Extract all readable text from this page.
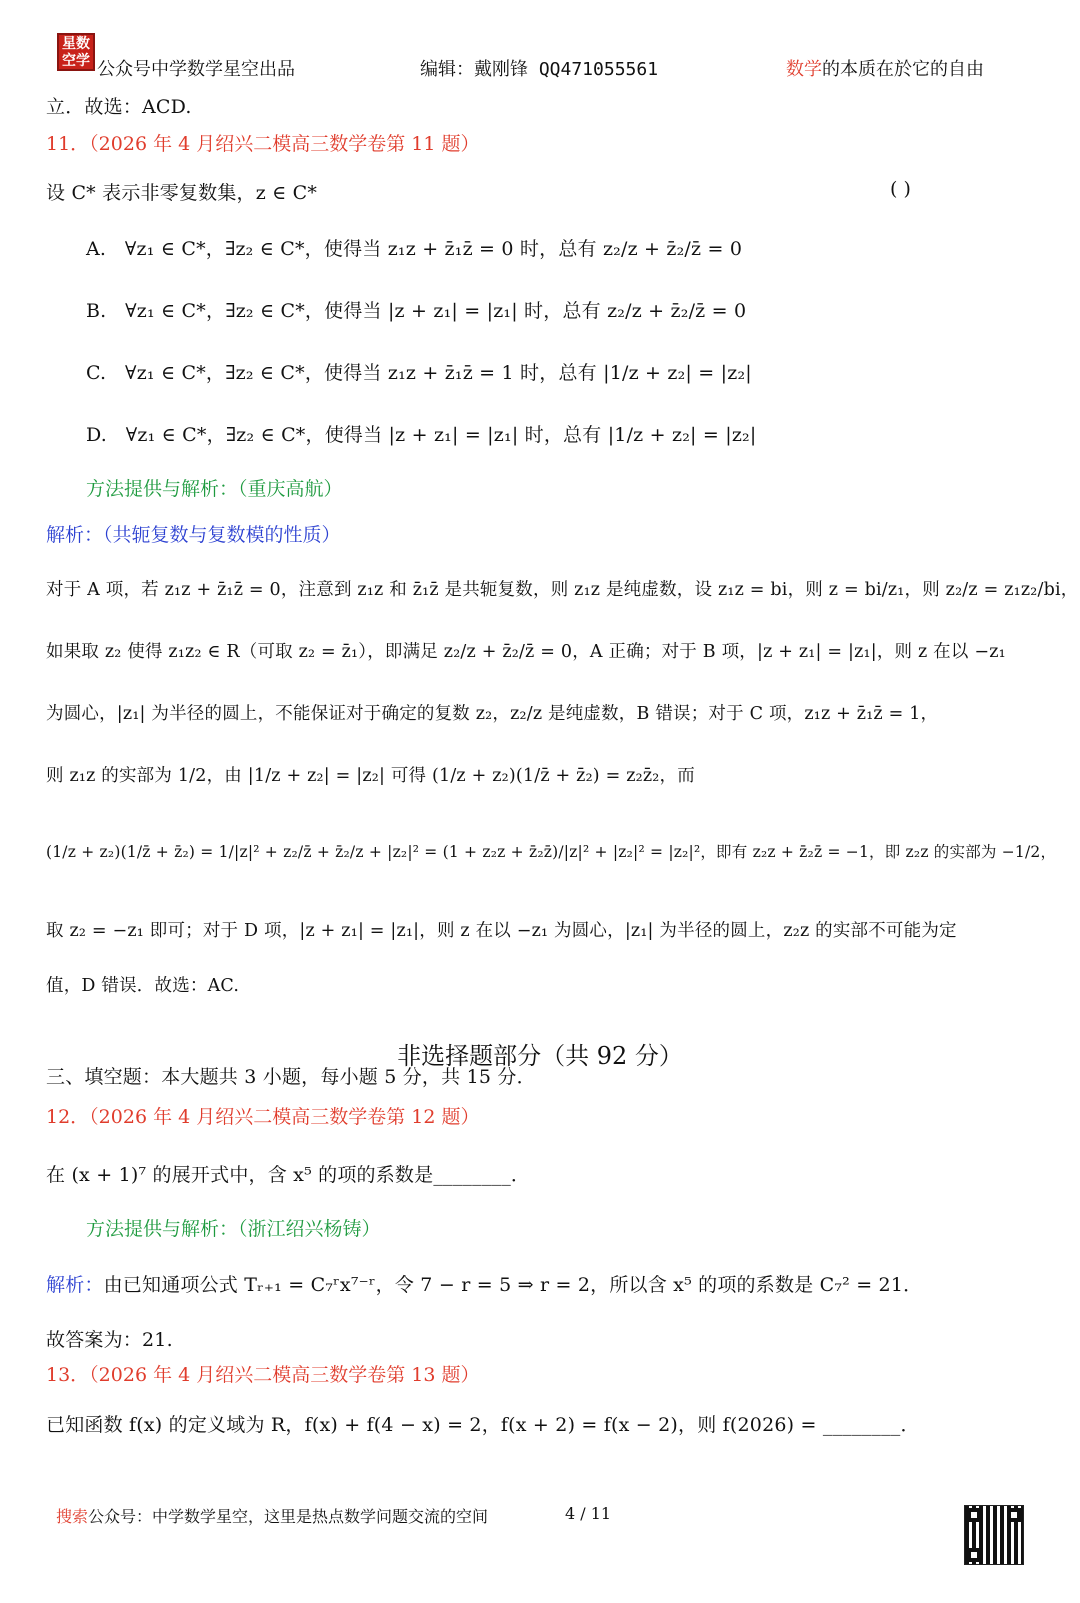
星数空学 公众号中学数学星空出品	编辑：戴刚锋 QQ471055561	数学的本质在於它的自由
立．故选：ACD.
11．（2026 年 4 月绍兴二模高三数学卷第 11 题）
设 C* 表示非零复数集，z ∈ C*	( )
A. ∀z₁ ∈ C*，∃z₂ ∈ C*，使得当 z₁z + z̄₁z̄ = 0 时，总有 z₂/z + z̄₂/z̄ = 0
B. ∀z₁ ∈ C*，∃z₂ ∈ C*，使得当 |z + z₁| = |z₁| 时，总有 z₂/z + z̄₂/z̄ = 0
C. ∀z₁ ∈ C*，∃z₂ ∈ C*，使得当 z₁z + z̄₁z̄ = 1 时，总有 |1/z + z₂| = |z₂|
D. ∀z₁ ∈ C*，∃z₂ ∈ C*，使得当 |z + z₁| = |z₁| 时，总有 |1/z + z₂| = |z₂|
方法提供与解析：（重庆高航）
解析：（共轭复数与复数模的性质）
对于 A 项，若 z₁z + z̄₁z̄ = 0，注意到 z₁z 和 z̄₁z̄ 是共轭复数，则 z₁z 是纯虚数，设 z₁z = bi，则 z = bi/z₁，则 z₂/z = z₁z₂/bi，
如果取 z₂ 使得 z₁z₂ ∈ R（可取 z₂ = z̄₁），即满足 z₂/z + z̄₂/z̄ = 0，A 正确；对于 B 项，|z + z₁| = |z₁|，则 z 在以 −z₁
为圆心，|z₁| 为半径的圆上，不能保证对于确定的复数 z₂，z₂/z 是纯虚数，B 错误；对于 C 项，z₁z + z̄₁z̄ = 1，
则 z₁z 的实部为 1/2，由 |1/z + z₂| = |z₂| 可得 (1/z + z₂)(1/z̄ + z̄₂) = z₂z̄₂，而
(1/z + z₂)(1/z̄ + z̄₂) = 1/|z|² + z₂/z̄ + z̄₂/z + |z₂|² = (1 + z₂z + z̄₂z̄)/|z|² + |z₂|² = |z₂|²，即有 z₂z + z̄₂z̄ = −1，即 z₂z 的实部为 −1/2，
取 z₂ = −z₁ 即可；对于 D 项，|z + z₁| = |z₁|，则 z 在以 −z₁ 为圆心，|z₁| 为半径的圆上，z₂z 的实部不可能为定
值，D 错误．故选：AC.
非选择题部分（共 92 分）
三、填空题：本大题共 3 小题，每小题 5 分，共 15 分．
12．（2026 年 4 月绍兴二模高三数学卷第 12 题）
在 (x + 1)⁷ 的展开式中，含 x⁵ 的项的系数是________．
方法提供与解析：（浙江绍兴杨铸）
解析：由已知通项公式 Tᵣ₊₁ = C₇ʳx⁷⁻ʳ，令 7 − r = 5 ⇒ r = 2，所以含 x⁵ 的项的系数是 C₇² = 21．
故答案为：21.
13．（2026 年 4 月绍兴二模高三数学卷第 13 题）
已知函数 f(x) 的定义域为 R，f(x) + f(4 − x) = 2，f(x + 2) = f(x − 2)，则 f(2026) = ________．
搜索公众号：中学数学星空，这里是热点数学问题交流的空间	4 / 11
